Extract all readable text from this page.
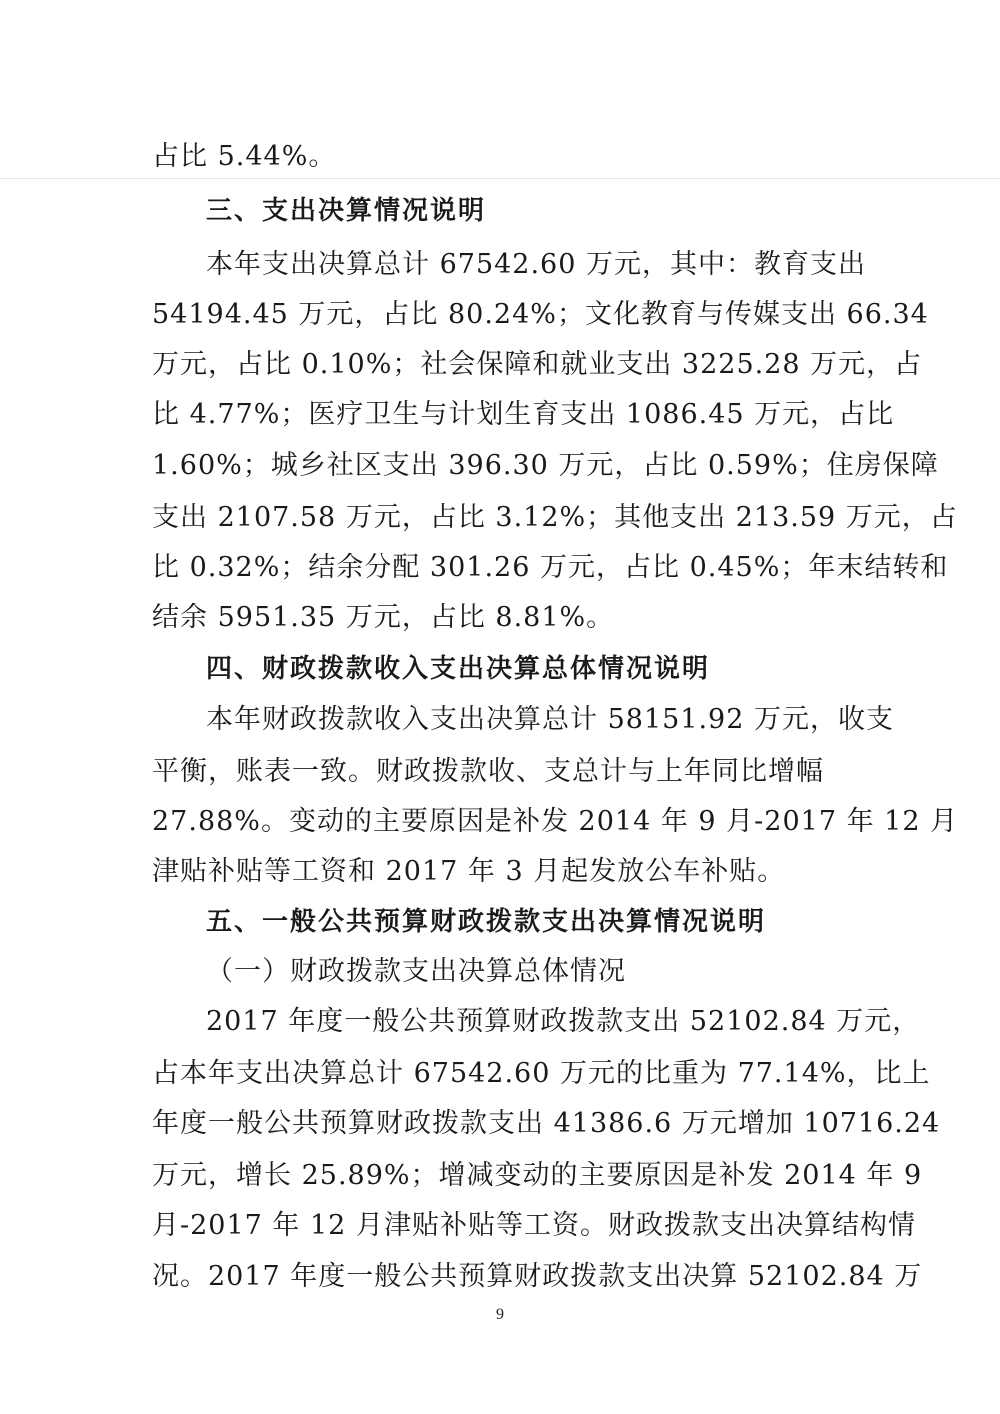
占比 5.44%。
三、支出决算情况说明
本年支出决算总计 67542.60 万元，其中：教育支出
54194.45 万元，占比 80.24%；文化教育与传媒支出 66.34
万元，占比 0.10%；社会保障和就业支出 3225.28 万元，占
比 4.77%；医疗卫生与计划生育支出 1086.45 万元，占比
1.60%；城乡社区支出 396.30 万元，占比 0.59%；住房保障
支出 2107.58 万元，占比 3.12%；其他支出 213.59 万元，占
比 0.32%；结余分配 301.26 万元，占比 0.45%；年末结转和
结余 5951.35 万元，占比 8.81%。
四、财政拨款收入支出决算总体情况说明
本年财政拨款收入支出决算总计 58151.92 万元，收支
平衡，账表一致。财政拨款收、支总计与上年同比增幅
27.88%。变动的主要原因是补发 2014 年 9 月-2017 年 12 月
津贴补贴等工资和 2017 年 3 月起发放公车补贴。
五、一般公共预算财政拨款支出决算情况说明
（一）财政拨款支出决算总体情况
2017 年度一般公共预算财政拨款支出 52102.84 万元，
占本年支出决算总计 67542.60 万元的比重为 77.14%，比上
年度一般公共预算财政拨款支出 41386.6 万元增加 10716.24
万元，增长 25.89%；增减变动的主要原因是补发 2014 年 9
月-2017 年 12 月津贴补贴等工资。财政拨款支出决算结构情
况。2017 年度一般公共预算财政拨款支出决算 52102.84 万
9
